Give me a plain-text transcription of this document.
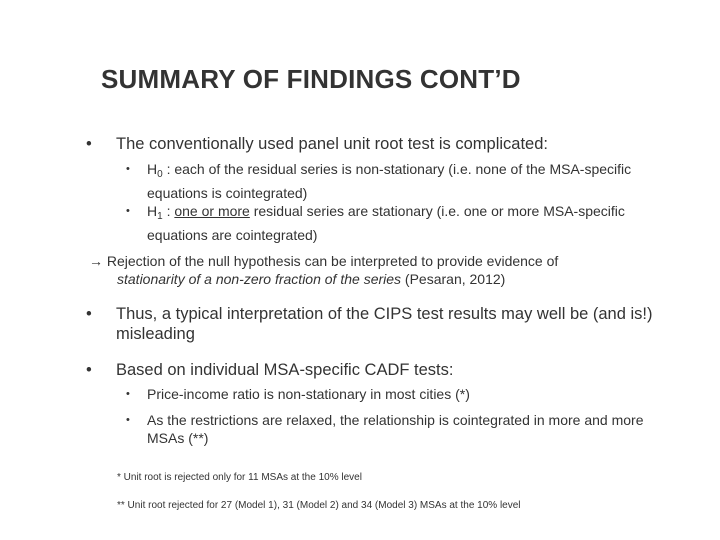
SUMMARY OF FINDINGS CONT’D
• The conventionally used panel unit root test is complicated:
• $H_0$ : each of the residual series is non-stationary (i.e. none of the MSA-specific equations is cointegrated)
• $H_1$ : one or more residual series are stationary (i.e. one or more MSA-specific equations are cointegrated)
→ Rejection of the null hypothesis can be interpreted to provide evidence of
stationarity of a non-zero fraction of the series (Pesaran, 2012)
• Thus, a typical interpretation of the CIPS test results may well be (and is!) misleading
• Based on individual MSA-specific CADF tests:
• Price-income ratio is non-stationary in most cities (*)
• As the restrictions are relaxed, the relationship is cointegrated in more and more MSAs (**)
* Unit root is rejected only for 11 MSAs at the 10% level
** Unit root rejected for 27 (Model 1), 31 (Model 2) and 34 (Model 3) MSAs at the 10% level
